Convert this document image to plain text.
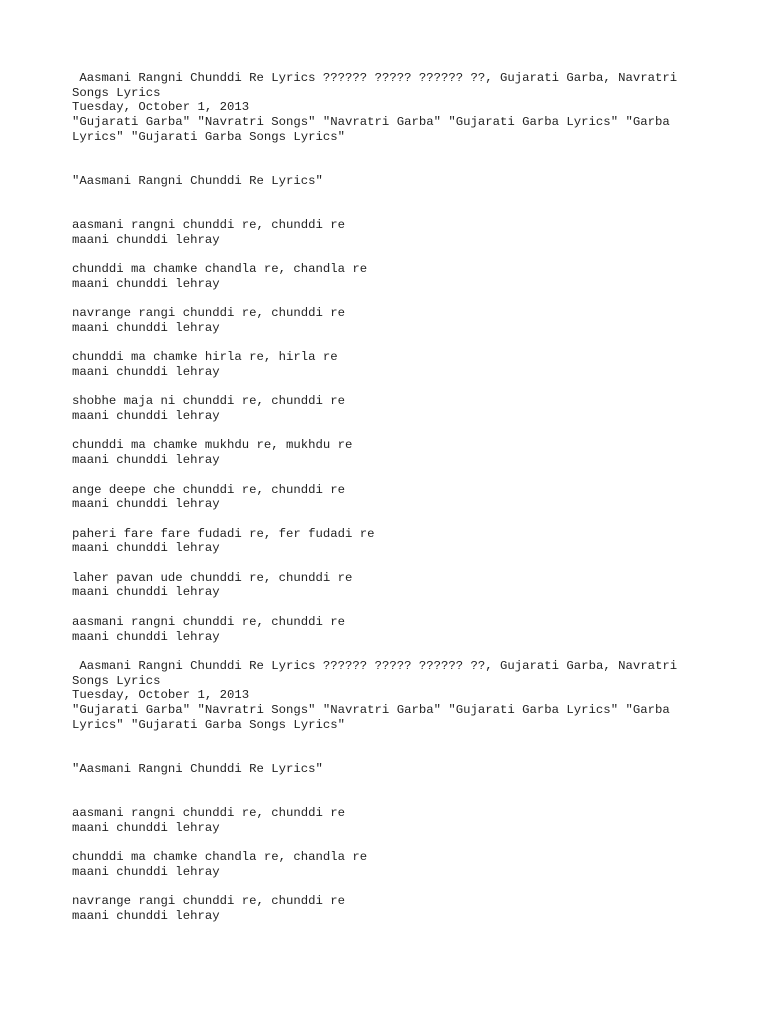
Aasmani Rangni Chunddi Re Lyrics ?????? ????? ?????? ??, Gujarati Garba, Navratri Songs Lyrics
Tuesday, October 1, 2013
"Gujarati Garba" "Navratri Songs" "Navratri Garba" "Gujarati Garba Lyrics" "Garba Lyrics" "Gujarati Garba Songs Lyrics"
"Aasmani Rangni Chunddi Re Lyrics"
aasmani rangni chunddi re, chunddi re
maani chunddi lehray
chunddi ma chamke chandla re, chandla re
maani chunddi lehray
navrange rangi chunddi re, chunddi re
maani chunddi lehray
chunddi ma chamke hirla re, hirla re
maani chunddi lehray
shobhe maja ni chunddi re, chunddi re
maani chunddi lehray
chunddi ma chamke mukhdu re, mukhdu re
maani chunddi lehray
ange deepe che chunddi re, chunddi re
maani chunddi lehray
paheri fare fare fudadi re, fer fudadi re
maani chunddi lehray
laher pavan ude chunddi re, chunddi re
maani chunddi lehray
aasmani rangni chunddi re, chunddi re
maani chunddi lehray
Aasmani Rangni Chunddi Re Lyrics ?????? ????? ?????? ??, Gujarati Garba, Navratri Songs Lyrics
Tuesday, October 1, 2013
"Gujarati Garba" "Navratri Songs" "Navratri Garba" "Gujarati Garba Lyrics" "Garba Lyrics" "Gujarati Garba Songs Lyrics"
"Aasmani Rangni Chunddi Re Lyrics"
aasmani rangni chunddi re, chunddi re
maani chunddi lehray
chunddi ma chamke chandla re, chandla re
maani chunddi lehray
navrange rangi chunddi re, chunddi re
maani chunddi lehray
